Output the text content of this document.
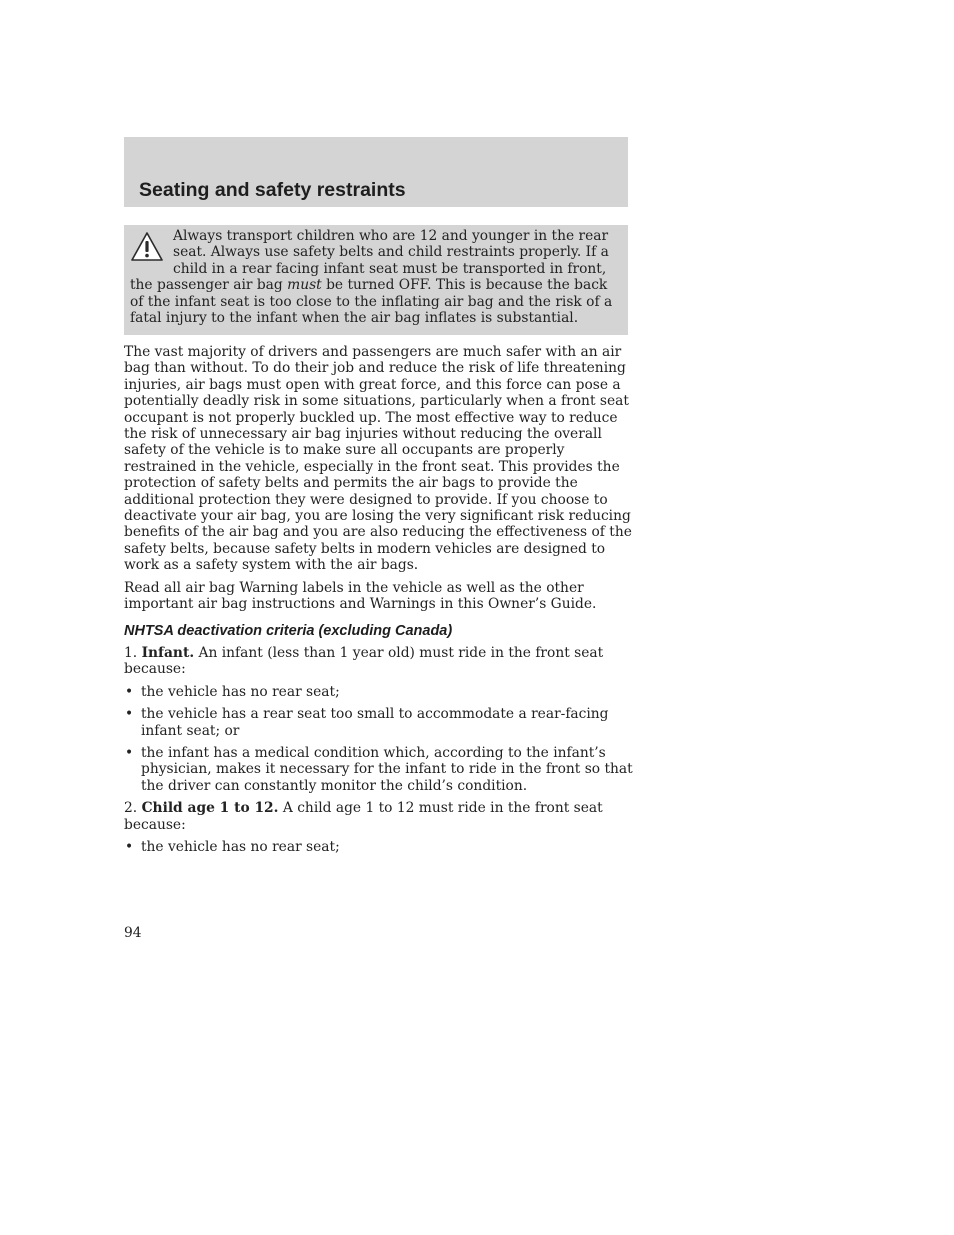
Seating and safety restraints

Always transport children who are 12 and younger in the rear seat. Always use safety belts and child restraints properly. If a child in a rear facing infant seat must be transported in front, the passenger air bag must be turned OFF. This is because the back of the infant seat is too close to the inflating air bag and the risk of a fatal injury to the infant when the air bag inflates is substantial.

The vast majority of drivers and passengers are much safer with an air bag than without. To do their job and reduce the risk of life threatening injuries, air bags must open with great force, and this force can pose a potentially deadly risk in some situations, particularly when a front seat occupant is not properly buckled up. The most effective way to reduce the risk of unnecessary air bag injuries without reducing the overall safety of the vehicle is to make sure all occupants are properly restrained in the vehicle, especially in the front seat. This provides the protection of safety belts and permits the air bags to provide the additional protection they were designed to provide. If you choose to deactivate your air bag, you are losing the very significant risk reducing benefits of the air bag and you are also reducing the effectiveness of the safety belts, because safety belts in modern vehicles are designed to work as a safety system with the air bags.

Read all air bag Warning labels in the vehicle as well as the other important air bag instructions and Warnings in this Owner’s Guide.

NHTSA deactivation criteria (excluding Canada)

1. Infant. An infant (less than 1 year old) must ride in the front seat because:

• the vehicle has no rear seat;
• the vehicle has a rear seat too small to accommodate a rear-facing infant seat; or
• the infant has a medical condition which, according to the infant’s physician, makes it necessary for the infant to ride in the front so that the driver can constantly monitor the child’s condition.

2. Child age 1 to 12. A child age 1 to 12 must ride in the front seat because:

• the vehicle has no rear seat;
94
